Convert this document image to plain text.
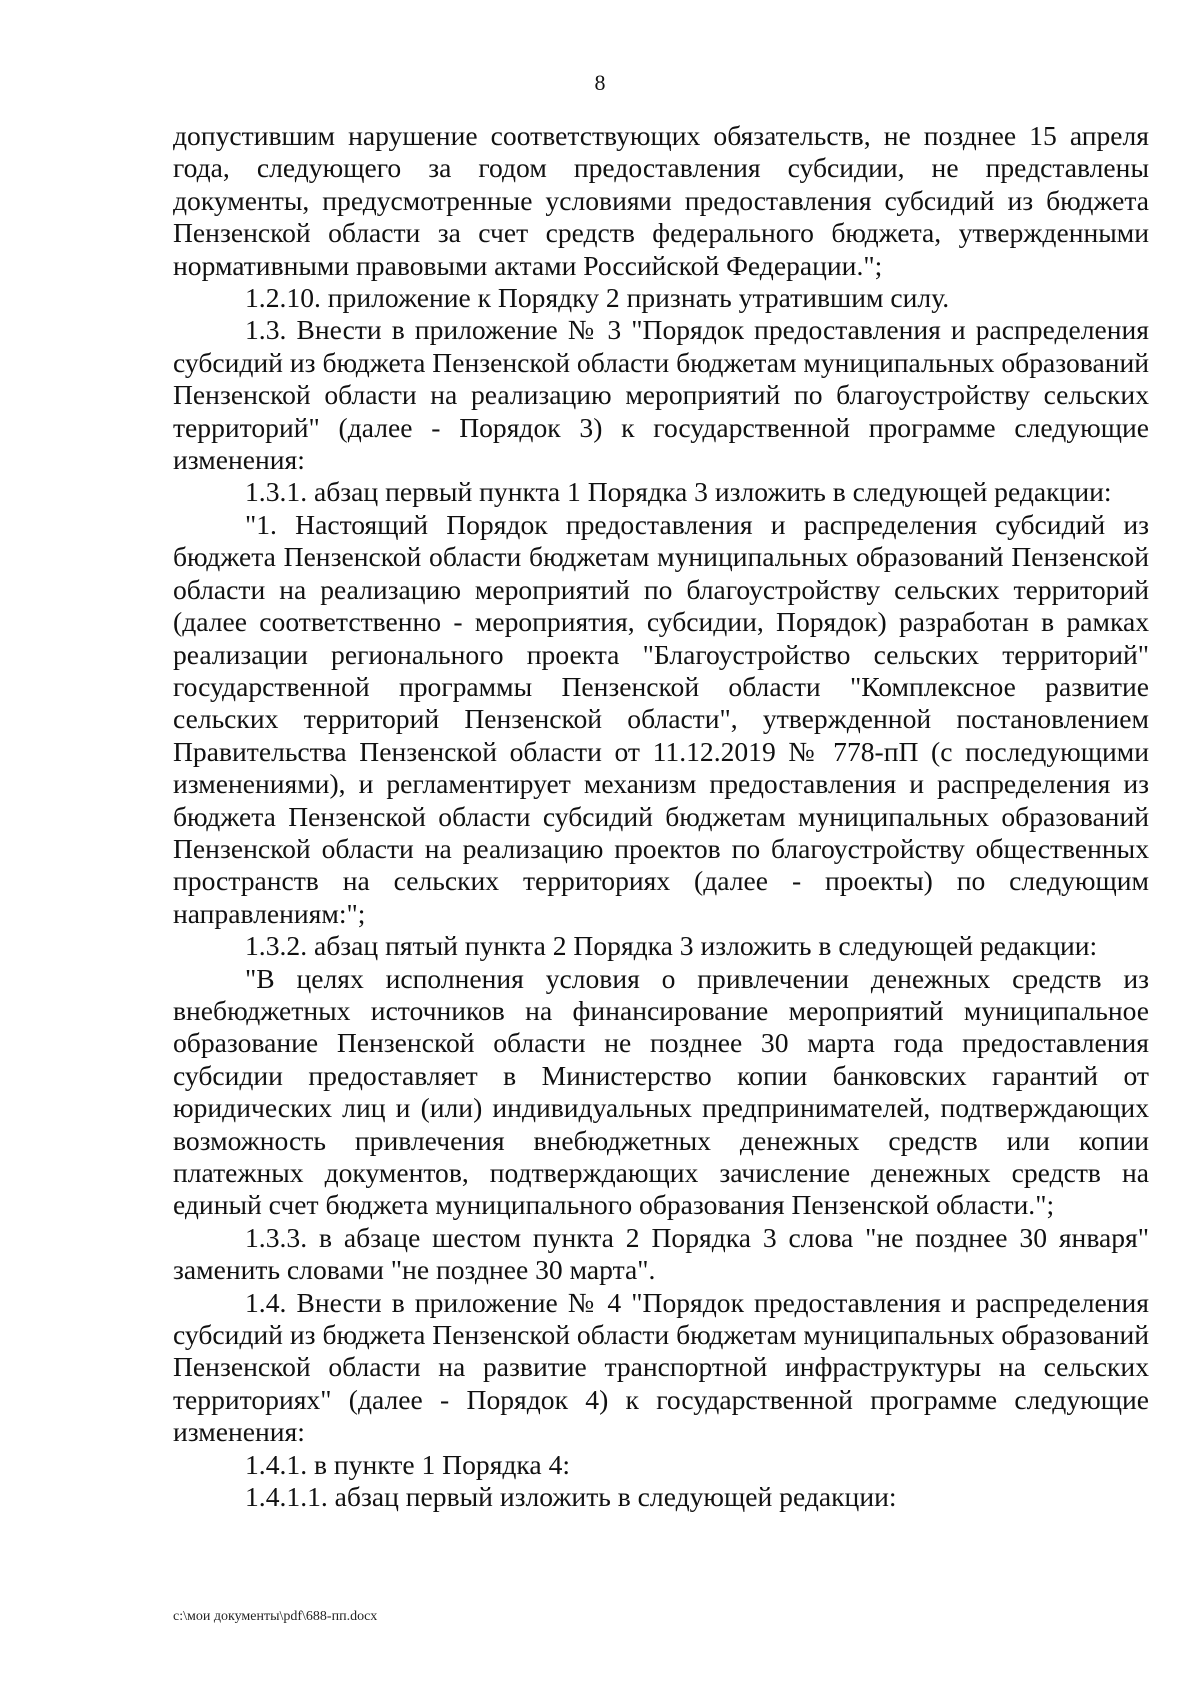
8

допустившим нарушение соответствующих обязательств, не позднее 15 апреля года, следующего за годом предоставления субсидии, не представлены документы, предусмотренные условиями предоставления субсидий из бюджета Пензенской области за счет средств федерального бюджета, утвержденными нормативными правовыми актами Российской Федерации.";

1.2.10. приложение к Порядку 2 признать утратившим силу.

1.3. Внести в приложение № 3 "Порядок предоставления и распределения субсидий из бюджета Пензенской области бюджетам муниципальных образований Пензенской области на реализацию мероприятий по благоустройству сельских территорий" (далее - Порядок 3) к государственной программе следующие изменения:

1.3.1. абзац первый пункта 1 Порядка 3 изложить в следующей редакции:

"1. Настоящий Порядок предоставления и распределения субсидий из бюджета Пензенской области бюджетам муниципальных образований Пензенской области на реализацию мероприятий по благоустройству сельских территорий (далее соответственно - мероприятия, субсидии, Порядок) разработан в рамках реализации регионального проекта "Благоустройство сельских территорий" государственной программы Пензенской области "Комплексное развитие сельских территорий Пензенской области", утвержденной постановлением Правительства Пензенской области от 11.12.2019 № 778-пП (с последующими изменениями), и регламентирует механизм предоставления и распределения из бюджета Пензенской области субсидий бюджетам муниципальных образований Пензенской области на реализацию проектов по благоустройству общественных пространств на сельских территориях (далее - проекты) по следующим направлениям:";

1.3.2. абзац пятый пункта 2 Порядка 3 изложить в следующей редакции:

"В целях исполнения условия о привлечении денежных средств из внебюджетных источников на финансирование мероприятий муниципальное образование Пензенской области не позднее 30 марта года предоставления субсидии предоставляет в Министерство копии банковских гарантий от юридических лиц и (или) индивидуальных предпринимателей, подтверждающих возможность привлечения внебюджетных денежных средств или копии платежных документов, подтверждающих зачисление денежных средств на единый счет бюджета муниципального образования Пензенской области.";

1.3.3. в абзаце шестом пункта 2 Порядка 3 слова "не позднее 30 января" заменить словами "не позднее 30 марта".

1.4. Внести в приложение № 4 "Порядок предоставления и распределения субсидий из бюджета Пензенской области бюджетам муниципальных образований Пензенской области на развитие транспортной инфраструктуры на сельских территориях" (далее - Порядок 4) к государственной программе следующие изменения:

1.4.1. в пункте 1 Порядка 4:

1.4.1.1. абзац первый изложить в следующей редакции:

c:\мои документы\pdf\688-пп.docx
